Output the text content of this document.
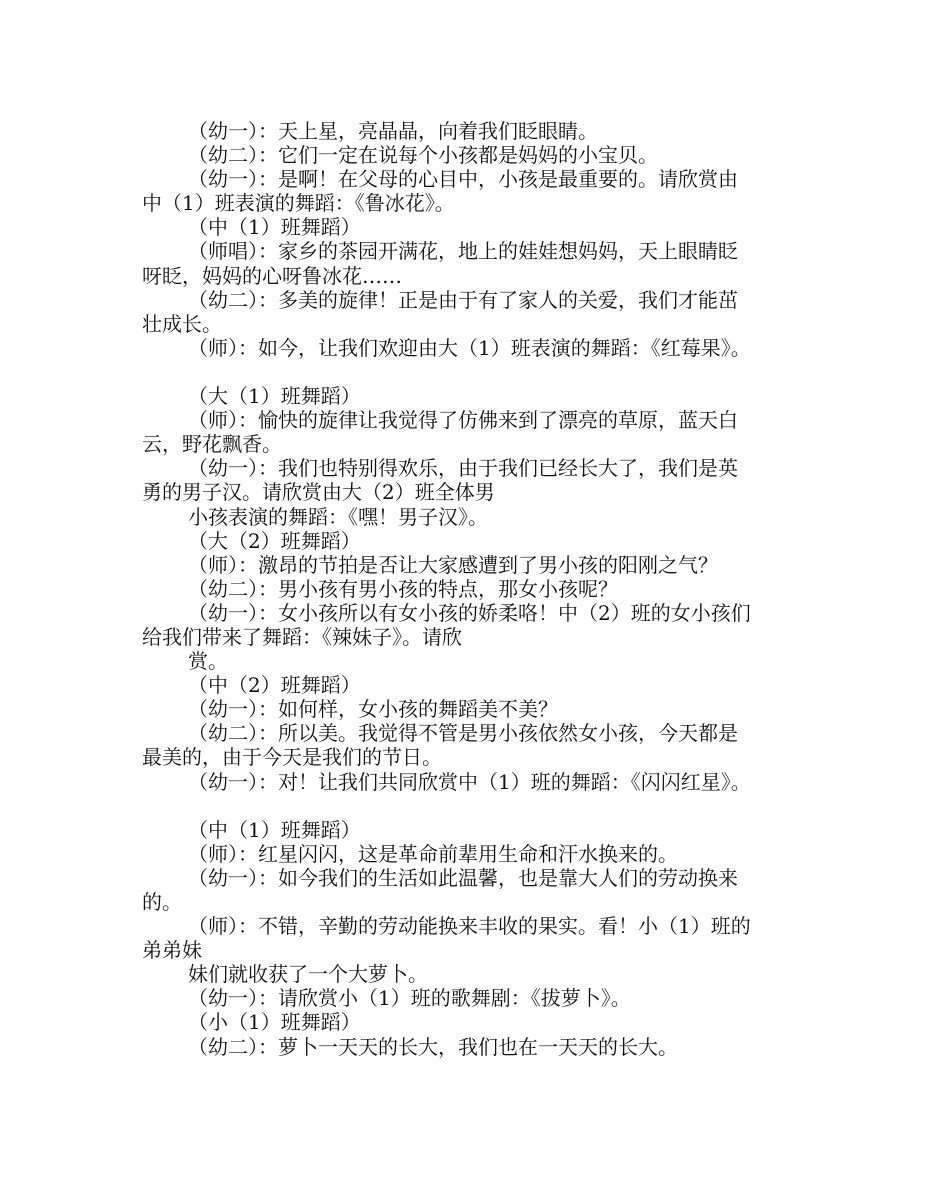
（幼一）：天上星，亮晶晶，向着我们眨眼睛。
（幼二）：它们一定在说每个小孩都是妈妈的小宝贝。
（幼一）：是啊！在父母的心目中，小孩是最重要的。请欣赏由
中（1）班表演的舞蹈：《鲁冰花》。
（中（1）班舞蹈）
（师唱）：家乡的茶园开满花，地上的娃娃想妈妈，天上眼睛眨
呀眨，妈妈的心呀鲁冰花……
（幼二）：多美的旋律！正是由于有了家人的关爱，我们才能茁
壮成长。
（师）：如今，让我们欢迎由大（1）班表演的舞蹈：《红莓果》。
（大（1）班舞蹈）
（师）：愉快的旋律让我觉得了仿佛来到了漂亮的草原，蓝天白
云，野花飘香。
（幼一）：我们也特别得欢乐，由于我们已经长大了，我们是英
勇的男子汉。请欣赏由大（2）班全体男
小孩表演的舞蹈：《嘿！男子汉》。
（大（2）班舞蹈）
（师）：激昂的节拍是否让大家感遭到了男小孩的阳刚之气？
（幼二）：男小孩有男小孩的特点，那女小孩呢？
（幼一）：女小孩所以有女小孩的娇柔咯！中（2）班的女小孩们
给我们带来了舞蹈：《辣妹子》。请欣
赏。
（中（2）班舞蹈）
（幼一）：如何样，女小孩的舞蹈美不美？
（幼二）：所以美。我觉得不管是男小孩依然女小孩，今天都是
最美的，由于今天是我们的节日。
（幼一）：对！让我们共同欣赏中（1）班的舞蹈：《闪闪红星》。
（中（1）班舞蹈）
（师）：红星闪闪，这是革命前辈用生命和汗水换来的。
（幼一）：如今我们的生活如此温馨，也是靠大人们的劳动换来
的。
（师）：不错，辛勤的劳动能换来丰收的果实。看！小（1）班的
弟弟妹
妹们就收获了一个大萝卜。
（幼一）：请欣赏小（1）班的歌舞剧：《拔萝卜》。
（小（1）班舞蹈）
（幼二）：萝卜一天天的长大，我们也在一天天的长大。
